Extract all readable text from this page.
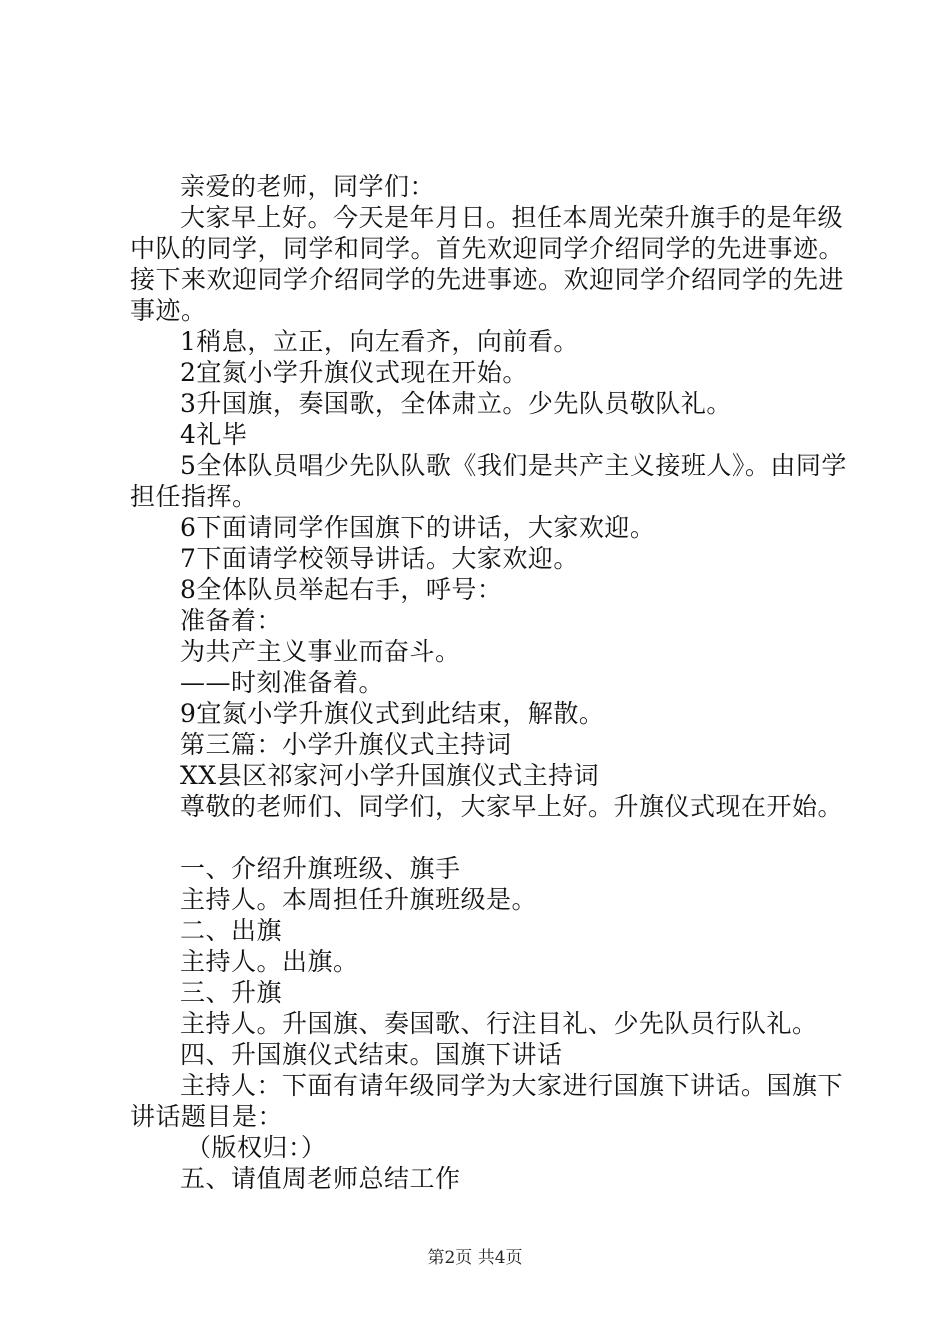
亲爱的老师，同学们：

大家早上好。今天是年月日。担任本周光荣升旗手的是年级中队的同学，同学和同学。首先欢迎同学介绍同学的先进事迹。接下来欢迎同学介绍同学的先进事迹。欢迎同学介绍同学的先进事迹。

1稍息，立正，向左看齐，向前看。

2宜氮小学升旗仪式现在开始。

3升国旗，奏国歌，全体肃立。少先队员敬队礼。

4礼毕

5全体队员唱少先队队歌《我们是共产主义接班人》。由同学担任指挥。

6下面请同学作国旗下的讲话，大家欢迎。

7下面请学校领导讲话。大家欢迎。

8全体队员举起右手，呼号：

准备着：

为共产主义事业而奋斗。

——时刻准备着。

9宜氮小学升旗仪式到此结束，解散。

第三篇：小学升旗仪式主持词

XX县区祁家河小学升国旗仪式主持词

尊敬的老师们、同学们，大家早上好。升旗仪式现在开始。

一、介绍升旗班级、旗手

主持人。本周担任升旗班级是。

二、出旗

主持人。出旗。

三、升旗

主持人。升国旗、奏国歌、行注目礼、少先队员行队礼。

四、升国旗仪式结束。国旗下讲话

主持人：下面有请年级同学为大家进行国旗下讲话。国旗下讲话题目是：

（版权归：）

五、请值周老师总结工作

第2页 共4页
